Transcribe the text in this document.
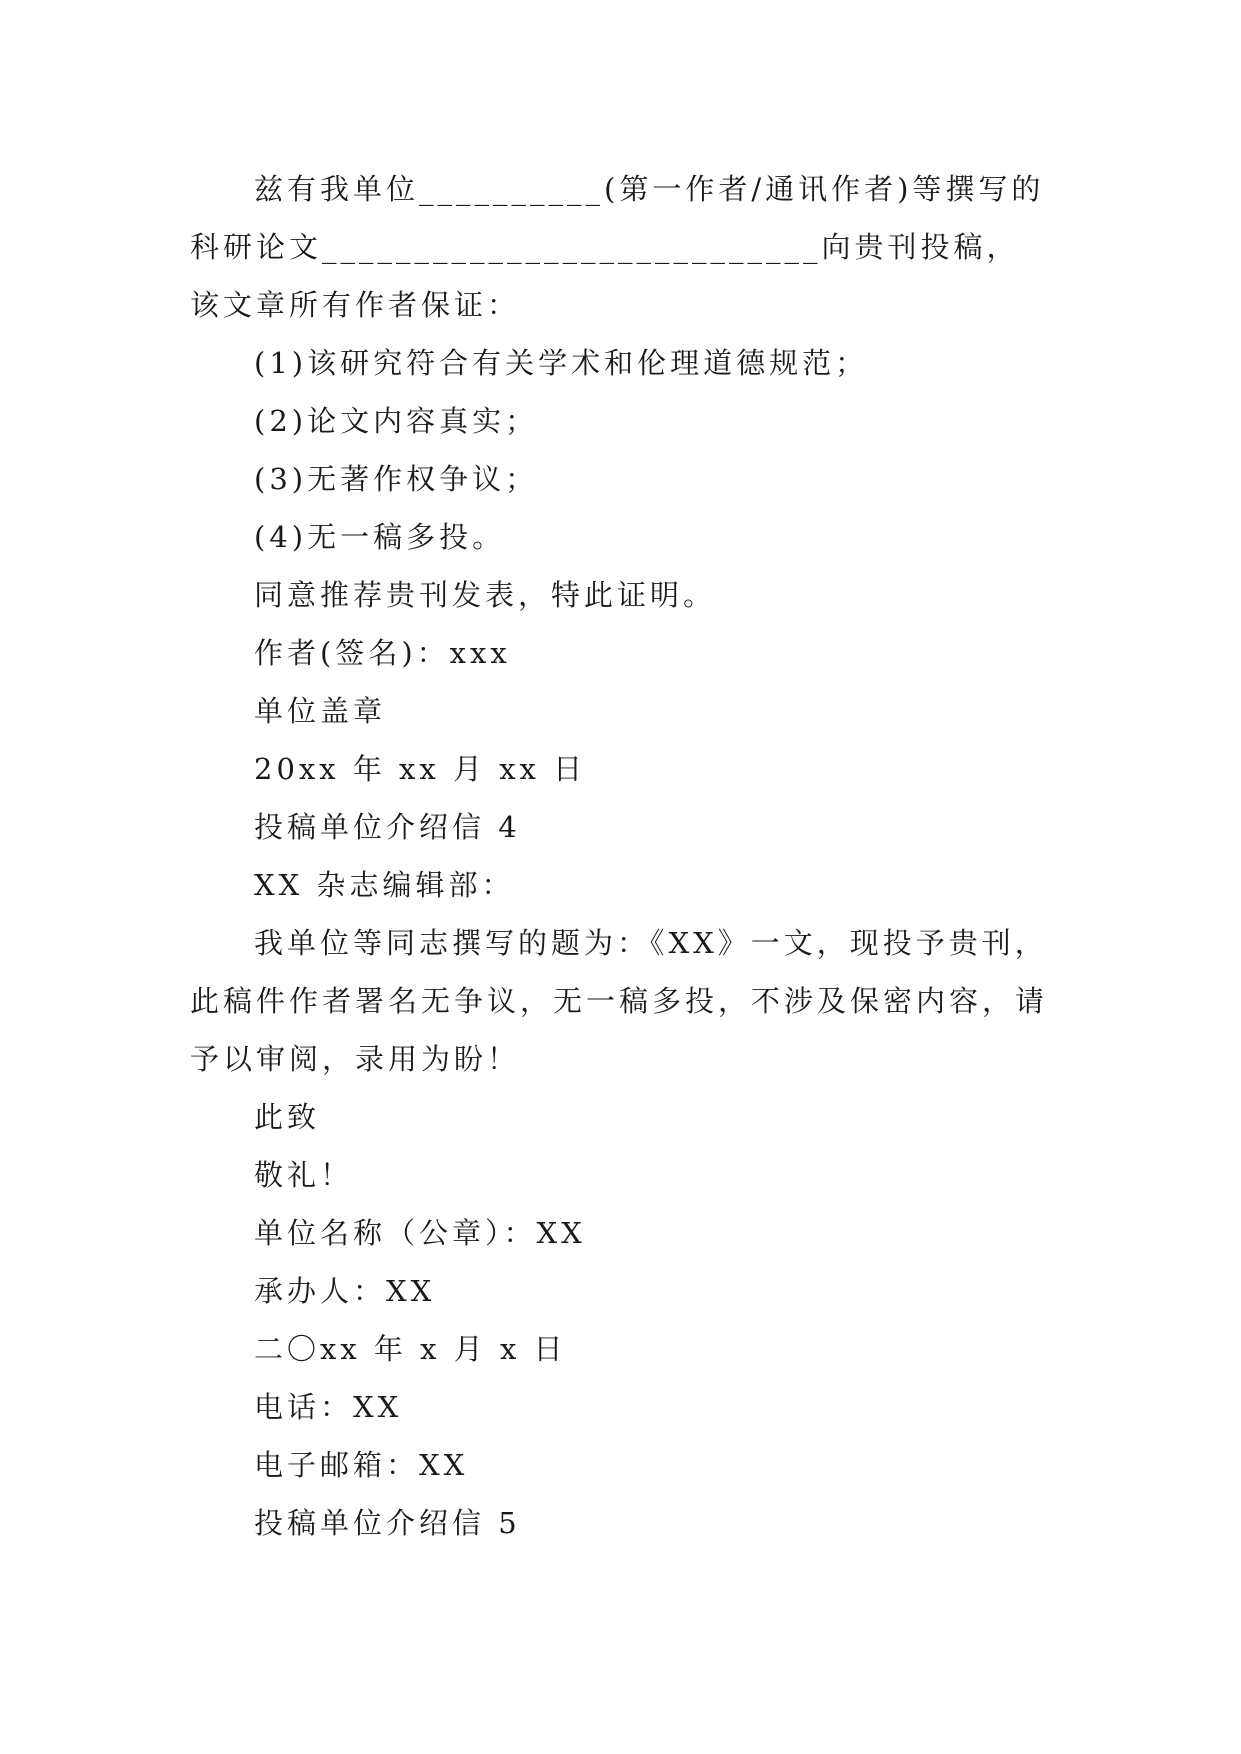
兹有我单位__________(第一作者/通讯作者)等撰写的科研论文___________________________向贵刊投稿，该文章所有作者保证：

(1)该研究符合有关学术和伦理道德规范；

(2)论文内容真实；

(3)无著作权争议；

(4)无一稿多投。

同意推荐贵刊发表，特此证明。

作者(签名)：xxx

单位盖章

20xx 年 xx 月 xx 日

投稿单位介绍信 4

XX 杂志编辑部：

我单位等同志撰写的题为：《XX》一文，现投予贵刊，此稿件作者署名无争议，无一稿多投，不涉及保密内容，请予以审阅，录用为盼！

此致

敬礼！

单位名称（公章）：XX

承办人：XX

二〇xx 年 x 月 x 日

电话：XX

电子邮箱：XX

投稿单位介绍信 5
